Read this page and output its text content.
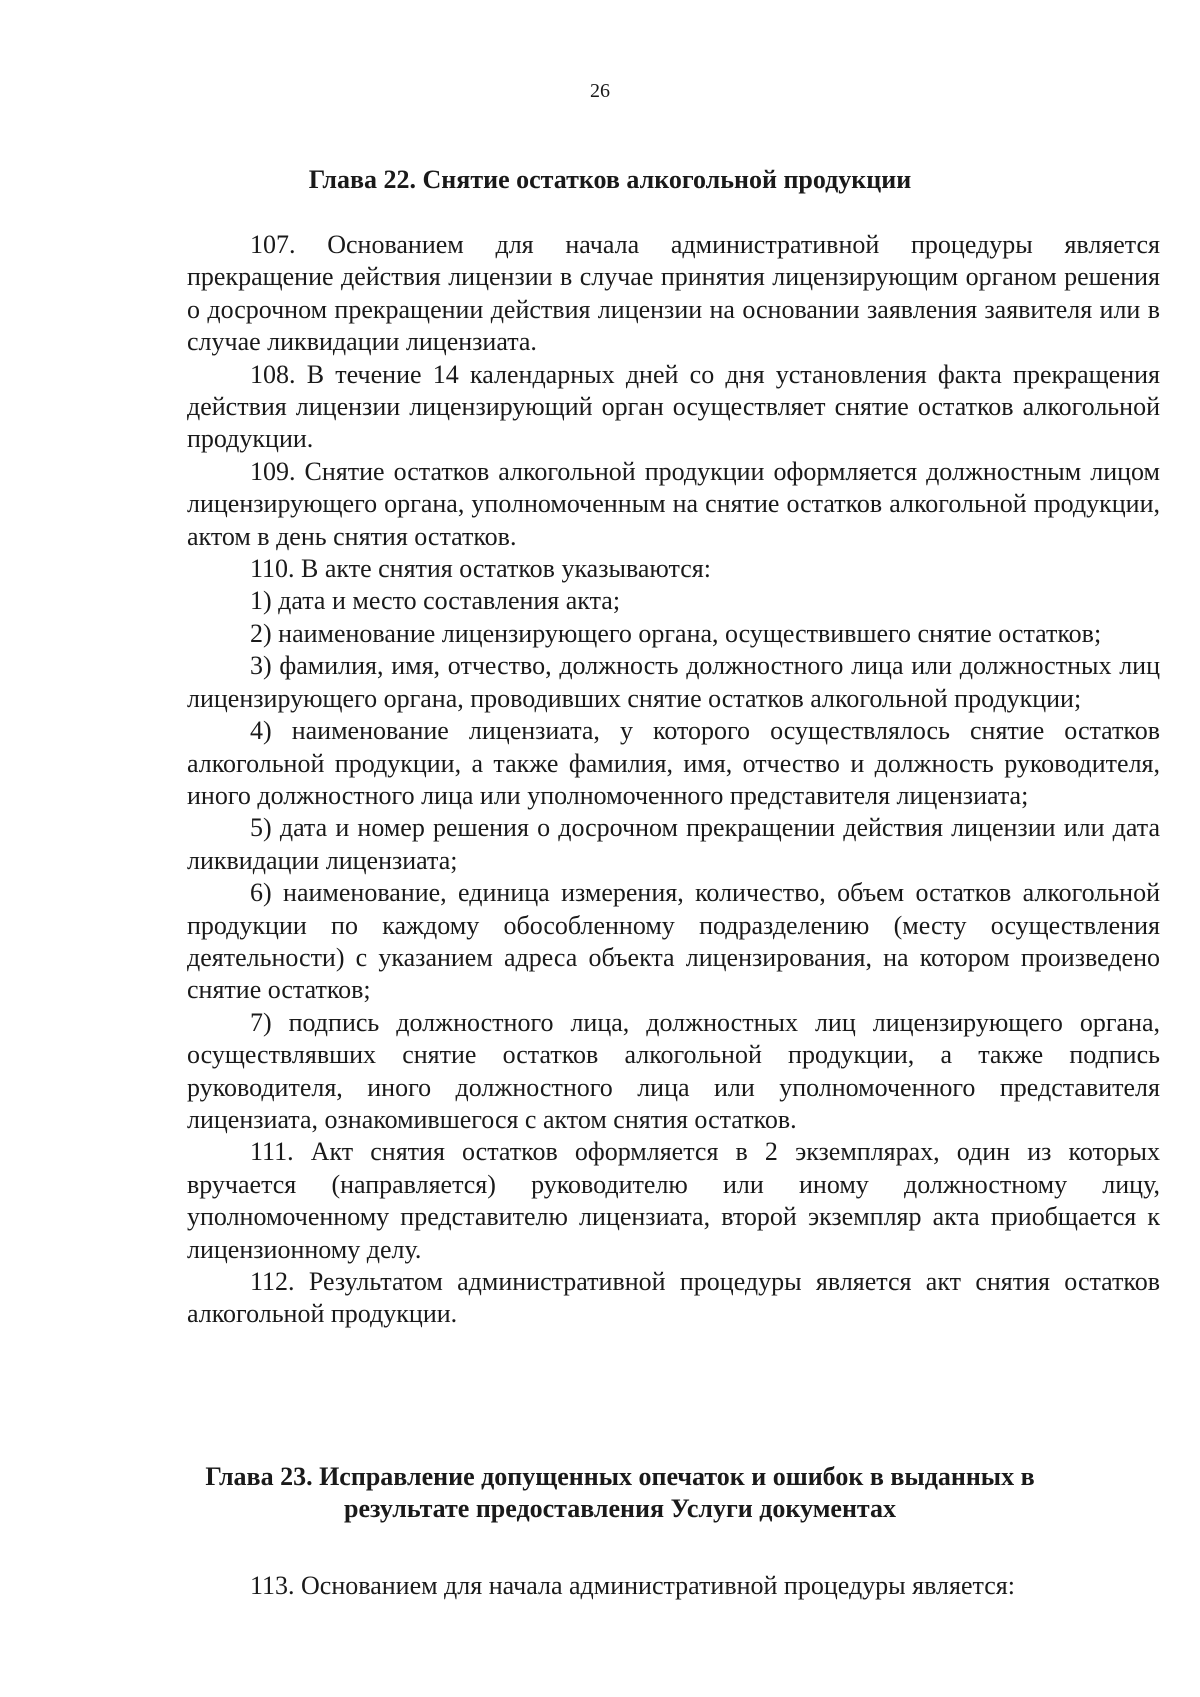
26
Глава 22. Снятие остатков алкогольной продукции

107. Основанием для начала административной процедуры является прекращение действия лицензии в случае принятия лицензирующим органом решения о досрочном прекращении действия лицензии на основании заявления заявителя или в случае ликвидации лицензиата.

108. В течение 14 календарных дней со дня установления факта прекращения действия лицензии лицензирующий орган осуществляет снятие остатков алкогольной продукции.

109. Снятие остатков алкогольной продукции оформляется должностным лицом лицензирующего органа, уполномоченным на снятие остатков алкогольной продукции, актом в день снятия остатков.

110. В акте снятия остатков указываются:

1) дата и место составления акта;

2) наименование лицензирующего органа, осуществившего снятие остатков;

3) фамилия, имя, отчество, должность должностного лица или должностных лиц лицензирующего органа, проводивших снятие остатков алкогольной продукции;

4) наименование лицензиата, у которого осуществлялось снятие остатков алкогольной продукции, а также фамилия, имя, отчество и должность руководителя, иного должностного лица или уполномоченного представителя лицензиата;

5) дата и номер решения о досрочном прекращении действия лицензии или дата ликвидации лицензиата;

6) наименование, единица измерения, количество, объем остатков алкогольной продукции по каждому обособленному подразделению (месту осуществления деятельности) с указанием адреса объекта лицензирования, на котором произведено снятие остатков;

7) подпись должностного лица, должностных лиц лицензирующего органа, осуществлявших снятие остатков алкогольной продукции, а также подпись руководителя, иного должностного лица или уполномоченного представителя лицензиата, ознакомившегося с актом снятия остатков.

111. Акт снятия остатков оформляется в 2 экземплярах, один из которых вручается (направляется) руководителю или иному должностному лицу, уполномоченному представителю лицензиата, второй экземпляр акта приобщается к лицензионному делу.

112. Результатом административной процедуры является акт снятия остатков алкогольной продукции.

Глава 23. Исправление допущенных опечаток и ошибок в выданных в результате предоставления Услуги документах

113. Основанием для начала административной процедуры является:
